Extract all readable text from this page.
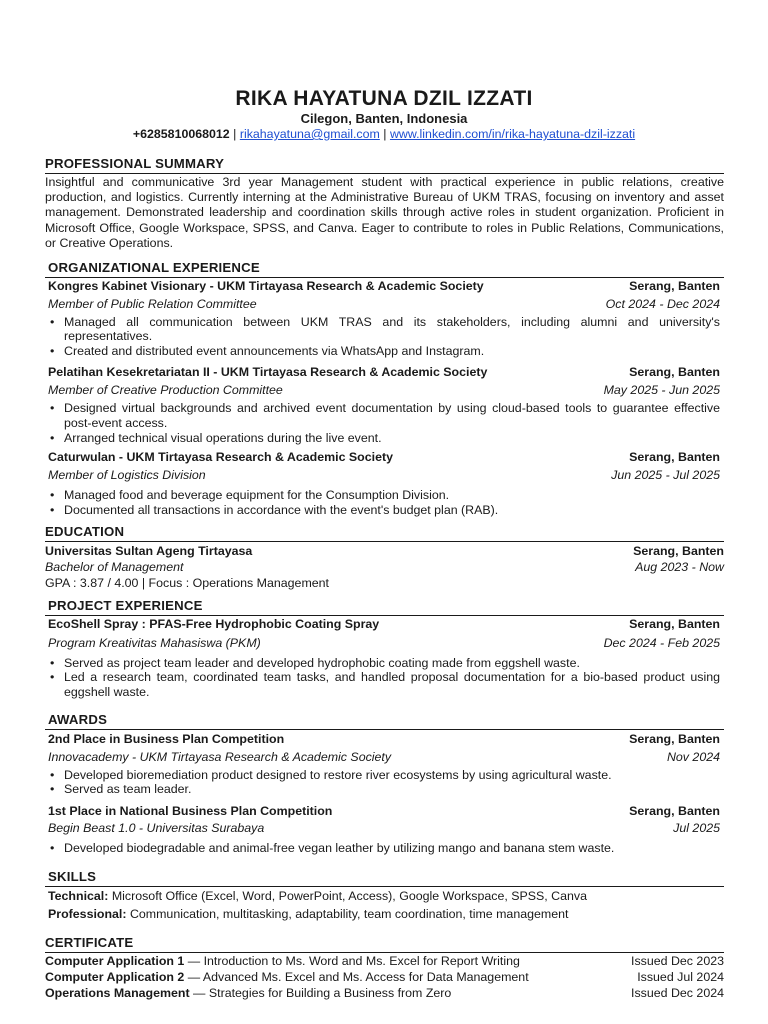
RIKA HAYATUNA DZIL IZZATI
Cilegon, Banten, Indonesia
+6285810068012 | rikahayatuna@gmail.com | www.linkedin.com/in/rika-hayatuna-dzil-izzati
PROFESSIONAL SUMMARY
Insightful and communicative 3rd year Management student with practical experience in public relations, creative production, and logistics. Currently interning at the Administrative Bureau of UKM TRAS, focusing on inventory and asset management. Demonstrated leadership and coordination skills through active roles in student organization. Proficient in Microsoft Office, Google Workspace, SPSS, and Canva. Eager to contribute to roles in Public Relations, Communications, or Creative Operations.
ORGANIZATIONAL EXPERIENCE
Kongres Kabinet Visionary - UKM Tirtayasa Research & Academic Society	Serang, Banten
Member of Public Relation Committee	Oct 2024 - Dec 2024
• Managed all communication between UKM TRAS and its stakeholders, including alumni and university's representatives.
• Created and distributed event announcements via WhatsApp and Instagram.
Pelatihan Kesekretariatan II - UKM Tirtayasa Research & Academic Society	Serang, Banten
Member of Creative Production Committee	May 2025 - Jun 2025
• Designed virtual backgrounds and archived event documentation by using cloud-based tools to guarantee effective post-event access.
• Arranged technical visual operations during the live event.
Caturwulan - UKM Tirtayasa Research & Academic Society	Serang, Banten
Member of Logistics Division	Jun 2025 - Jul 2025
• Managed food and beverage equipment for the Consumption Division.
• Documented all transactions in accordance with the event's budget plan (RAB).
EDUCATION
Universitas Sultan Ageng Tirtayasa	Serang, Banten
Bachelor of Management	Aug 2023 - Now
GPA : 3.87 / 4.00 | Focus : Operations Management
PROJECT EXPERIENCE
EcoShell Spray : PFAS-Free Hydrophobic Coating Spray	Serang, Banten
Program Kreativitas Mahasiswa (PKM)	Dec 2024 - Feb 2025
• Served as project team leader and developed hydrophobic coating made from eggshell waste.
• Led a research team, coordinated team tasks, and handled proposal documentation for a bio-based product using eggshell waste.
AWARDS
2nd Place in Business Plan Competition	Serang, Banten
Innovacademy - UKM Tirtayasa Research & Academic Society	Nov 2024
• Developed bioremediation product designed to restore river ecosystems by using agricultural waste.
• Served as team leader.
1st Place in National Business Plan Competition	Serang, Banten
Begin Beast 1.0 - Universitas Surabaya	Jul 2025
• Developed biodegradable and animal-free vegan leather by utilizing mango and banana stem waste.
SKILLS
Technical: Microsoft Office (Excel, Word, PowerPoint, Access), Google Workspace, SPSS, Canva
Professional: Communication, multitasking, adaptability, team coordination, time management
CERTIFICATE
Computer Application 1 — Introduction to Ms. Word and Ms. Excel for Report Writing	Issued Dec 2023
Computer Application 2 — Advanced Ms. Excel and Ms. Access for Data Management	Issued Jul 2024
Operations Management — Strategies for Building a Business from Zero	Issued Dec 2024
